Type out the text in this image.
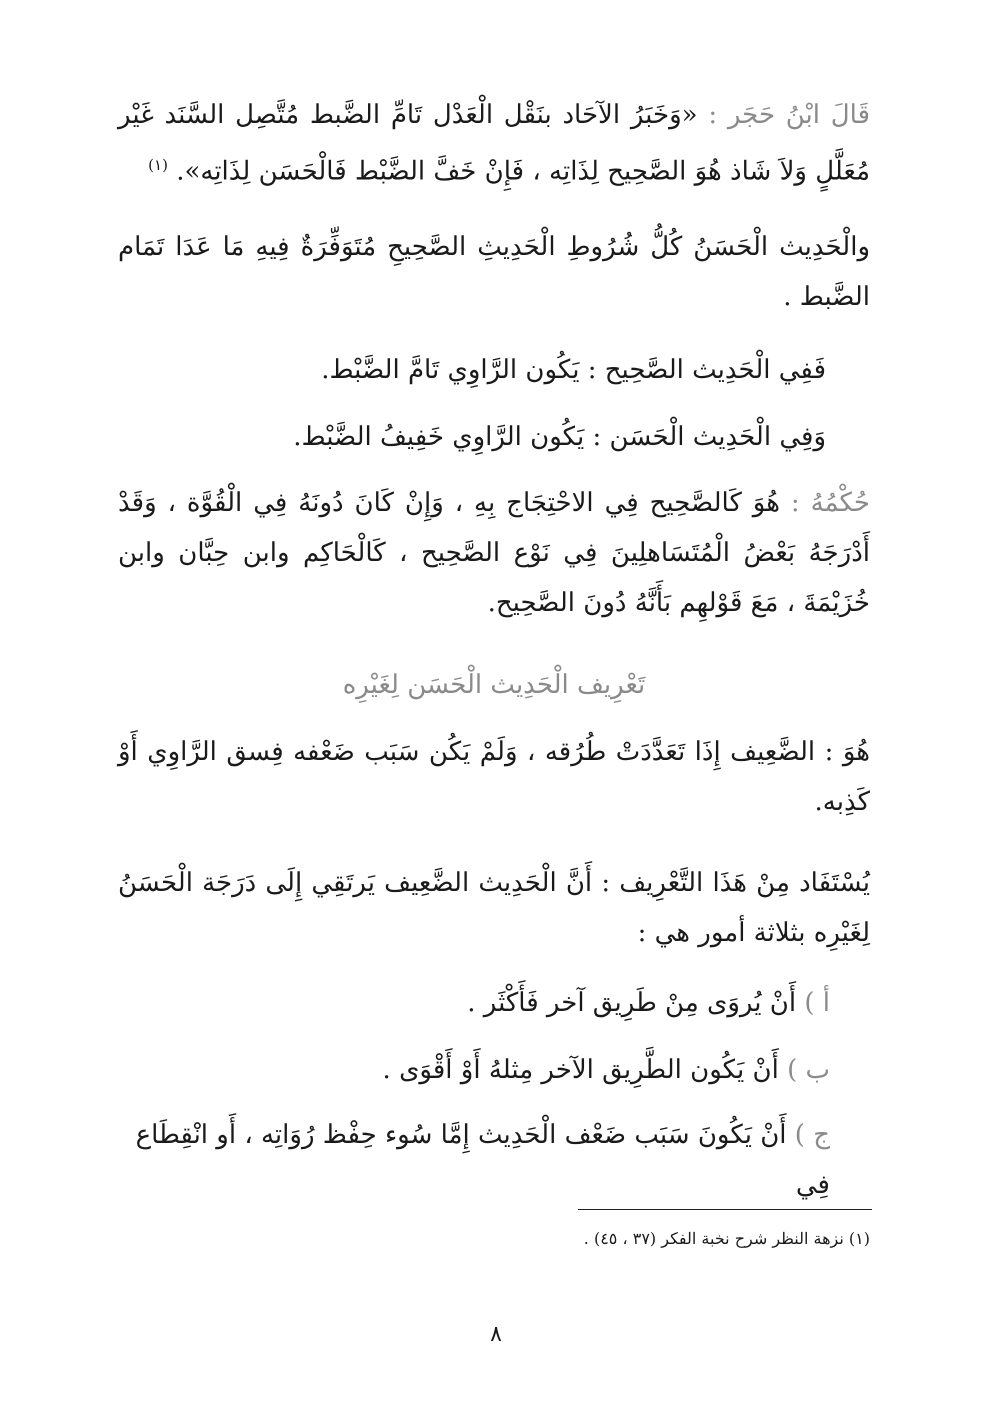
قَالَ ابْنُ حَجَر : «وَخَبَرُ الآحَاد بنَقْل الْعَدْل تَامِّ الضَّبط مُتَّصِل السَّنَد غَيْر مُعَلَّلٍ وَلاَ شَاذ هُوَ الصَّحِيح لِذَاتِه ، فَإِنْ خَفَّ الضَّبْط فَالْحَسَن لِذَاتِه». $^{(١)}$
والْحَدِيث الْحَسَنُ كُلُّ شُرُوطِ الْحَدِيثِ الصَّحِيحِ مُتَوَفِّرَةٌ فِيهِ مَا عَدَا تَمَام الضَّبط .
فَفِي الْحَدِيث الصَّحِيح : يَكُون الرَّاوِي تَامَّ الضَّبْط.
وَفِي الْحَدِيث الْحَسَن : يَكُون الرَّاوِي خَفِيفُ الضَّبْط.
حُكْمُهُ : هُوَ كَالصَّحِيح فِي الاحْتِجَاج بِهِ ، وَإِنْ كَانَ دُونَهُ فِي الْقُوَّة ، وَقَدْ أَدْرَجَهُ بَعْضُ الْمُتَسَاهلِينَ فِي نَوْع الصَّحِيح ، كَالْحَاكِم وابن حِبَّان وابن خُزَيْمَةَ ، مَعَ قَوْلهِم بَأَنَّهُ دُونَ الصَّحِيح.
تَعْرِيف الْحَدِيث الْحَسَن لِغَيْرِه
هُوَ : الضَّعِيف إِذَا تَعَدَّدَتْ طُرُقه ، وَلَمْ يَكُن سَبَب ضَعْفه فِسق الرَّاوِي أَوْ كَذِبه.
يُسْتَفَاد مِنْ هَذَا التَّعْرِيف : أَنَّ الْحَدِيث الضَّعِيف يَرتَقِي إِلَى دَرَجَة الْحَسَنُ لِغَيْرِه بثلاثة أمور هي :
أ ) أَنْ يُروَى مِنْ طَرِيق آخر فَأَكْثَر .
ب ) أَنْ يَكُون الطَّرِيق الآخر مِثلهُ أَوْ أَقْوَى .
ج ) أَنْ يَكُونَ سَبَب ضَعْف الْحَدِيث إِمَّا سُوء حِفْظ رُوَاتِه ، أَو انْقِطَاع فِي
(١) نزهة النظر شرح نخبة الفكر (٣٧ ، ٤٥) .
٨
